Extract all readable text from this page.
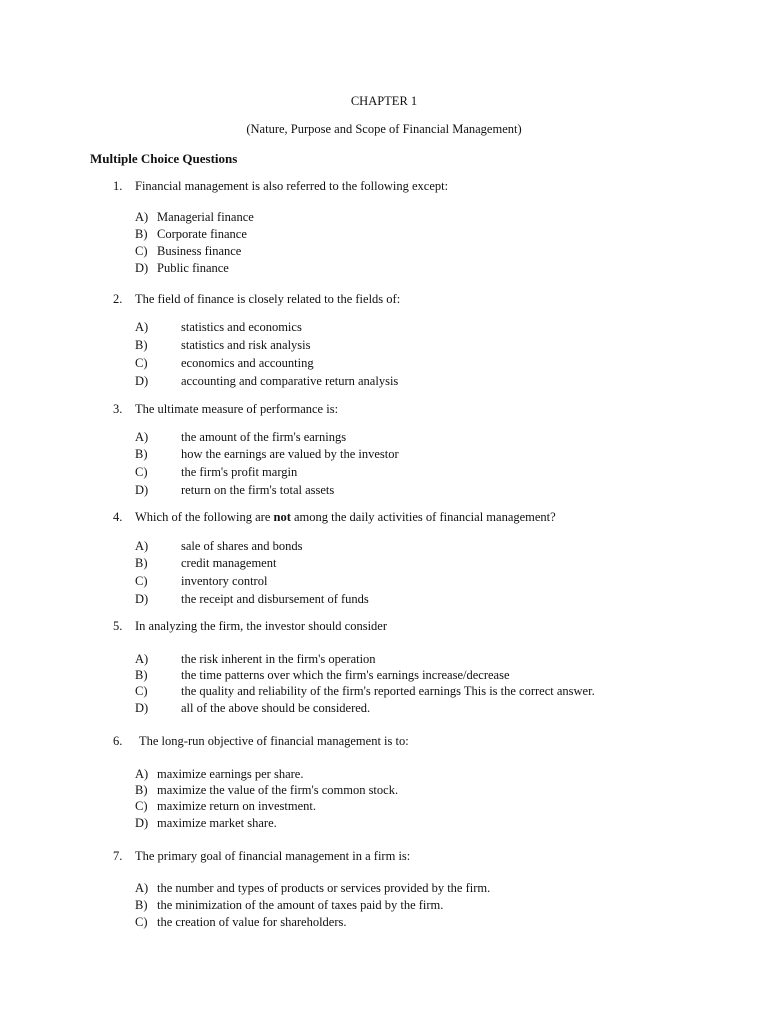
CHAPTER 1
(Nature, Purpose and Scope of Financial Management)
Multiple Choice Questions
1. Financial management is also referred to the following except:
A) Managerial finance
B) Corporate finance
C) Business finance
D) Public finance
2. The field of finance is closely related to the fields of:
A)	statistics and economics
B)	statistics and risk analysis
C)	economics and accounting
D)	accounting and comparative return analysis
3. The ultimate measure of performance is:
A)	the amount of the firm's earnings
B)	how the earnings are valued by the investor
C)	the firm's profit margin
D)	return on the firm's total assets
4. Which of the following are not among the daily activities of financial management?
A)	sale of shares and bonds
B)	credit management
C)	inventory control
D)	the receipt and disbursement of funds
5. In analyzing the firm, the investor should consider
A)	the risk inherent in the firm's operation
B)	the time patterns over which the firm's earnings increase/decrease
C)	the quality and reliability of the firm's reported earnings This is the correct answer.
D)	all of the above should be considered.
6. The long-run objective of financial management is to:
A) maximize earnings per share.
B) maximize the value of the firm's common stock.
C) maximize return on investment.
D) maximize market share.
7. The primary goal of financial management in a firm is:
A) the number and types of products or services provided by the firm.
B) the minimization of the amount of taxes paid by the firm.
C) the creation of value for shareholders.
